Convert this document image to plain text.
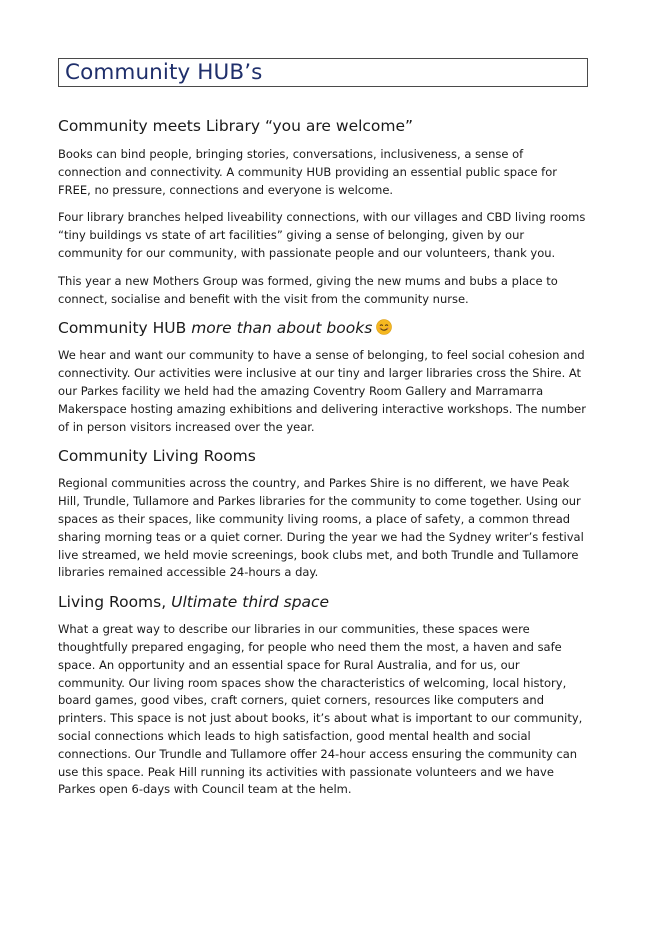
Community HUB’s
Community meets Library “you are welcome”

Books can bind people, bringing stories, conversations, inclusiveness, a sense of connection and connectivity. A community HUB providing an essential public space for FREE, no pressure, connections and everyone is welcome.

Four library branches helped liveability connections, with our villages and CBD living rooms “tiny buildings vs state of art facilities” giving a sense of belonging, given by our community for our community, with passionate people and our volunteers, thank you.

This year a new Mothers Group was formed, giving the new mums and bubs a place to connect, socialise and benefit with the visit from the community nurse.

Community HUB more than about books

We hear and want our community to have a sense of belonging, to feel social cohesion and connectivity. Our activities were inclusive at our tiny and larger libraries cross the Shire. At our Parkes facility we held had the amazing Coventry Room Gallery and Marramarra Makerspace hosting amazing exhibitions and delivering interactive workshops. The number of in person visitors increased over the year.

Community Living Rooms

Regional communities across the country, and Parkes Shire is no different, we have Peak Hill, Trundle, Tullamore and Parkes libraries for the community to come together. Using our spaces as their spaces, like community living rooms, a place of safety, a common thread sharing morning teas or a quiet corner. During the year we had the Sydney writer’s festival live streamed, we held movie screenings, book clubs met, and both Trundle and Tullamore libraries remained accessible 24-hours a day.

Living Rooms, Ultimate third space

What a great way to describe our libraries in our communities, these spaces were thoughtfully prepared engaging, for people who need them the most, a haven and safe space. An opportunity and an essential space for Rural Australia, and for us, our community. Our living room spaces show the characteristics of welcoming, local history, board games, good vibes, craft corners, quiet corners, resources like computers and printers. This space is not just about books, it’s about what is important to our community, social connections which leads to high satisfaction, good mental health and social connections. Our Trundle and Tullamore offer 24-hour access ensuring the community can use this space. Peak Hill running its activities with passionate volunteers and we have Parkes open 6-days with Council team at the helm.
